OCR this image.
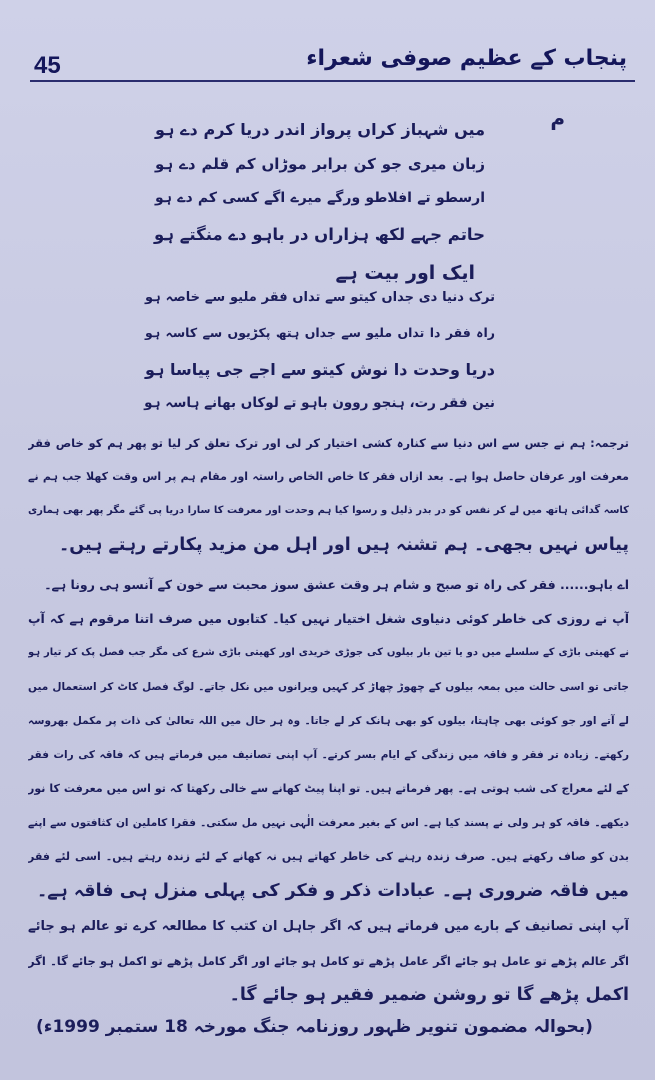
45	پنجاب کے عظیم صوفی شعراء
م
میں شہباز کراں پرواز اندر دریا کرم دے ہو
زبان میری جو کن برابر موڑاں کم قلم دے ہو
ارسطو تے افلاطو ورگے میرے اگے کسی کم دے ہو
حاتم جہے لکھ ہزاراں در باہو دے منگتے ہو
ایک اور بیت ہے
ترک دنیا دی جداں کیتو سے تداں فقر ملیو سے خاصہ ہو
راہ فقر دا تداں ملیو سے جداں ہتھ پکڑیوں سے کاسہ ہو
دریا وحدت دا نوش کیتو سے اجے جی پیاسا ہو
نین فقر رت، ہنجو روون باہو تے لوکاں بھانے ہاسہ ہو
ترجمہ: ہم نے جس سے اس دنیا سے کنارہ کشی اختیار کر لی اور ترک تعلق کر لیا تو پھر ہم کو خاص فقر
معرفت اور عرفان حاصل ہوا ہے۔ بعد ازاں فقر کا خاص الخاص راستہ اور مقام ہم پر اس وقت کھلا جب ہم نے
کاسہ گدائی ہاتھ میں لے کر نفس کو در بدر ذلیل و رسوا کیا ہم وحدت اور معرفت کا سارا دریا پی گئے مگر پھر بھی ہماری
پیاس نہیں بجھی۔ ہم تشنہ ہیں اور اہل من مزید پکارتے رہتے ہیں۔
اے باہو...... فقر کی راہ تو صبح و شام ہر وقت عشق سوز محبت سے خون کے آنسو ہی رونا ہے۔
آپ نے روزی کی خاطر کوئی دنیاوی شغل اختیار نہیں کیا۔ کتابوں میں صرف اتنا مرقوم ہے کہ آپ
نے کھیتی باڑی کے سلسلے میں دو یا تین بار بیلوں کی جوڑی خریدی اور کھیتی باڑی شرع کی مگر جب فصل پک کر تیار ہو
جاتی تو اسی حالت میں بمعہ بیلوں کے چھوڑ چھاڑ کر کہیں ویرانوں میں نکل جاتے۔ لوگ فصل کاٹ کر استعمال میں
لے آتے اور جو کوئی بھی چاہتا، بیلوں کو بھی ہانک کر لے جاتا۔ وہ ہر حال میں اللہ تعالیٰ کی ذات پر مکمل بھروسہ
رکھتے۔ زیادہ تر فقر و فاقہ میں زندگی کے ایام بسر کرتے۔ آپ اپنی تصانیف میں فرماتے ہیں کہ فاقہ کی رات فقر
کے لئے معراج کی شب ہوتی ہے۔ پھر فرماتے ہیں۔ تو اپنا پیٹ کھانے سے خالی رکھتا کہ تو اس میں معرفت کا نور
دیکھے۔ فاقہ کو ہر ولی نے پسند کیا ہے۔ اس کے بغیر معرفت الٰہی نہیں مل سکتی۔ فقرا کاملین ان کثافتوں سے اپنے
بدن کو صاف رکھتے ہیں۔ صرف زندہ رہنے کی خاطر کھاتے ہیں نہ کھانے کے لئے زندہ رہتے ہیں۔ اسی لئے فقر
میں فاقہ ضروری ہے۔ عبادات ذکر و فکر کی پہلی منزل ہی فاقہ ہے۔
آپ اپنی تصانیف کے بارے میں فرماتے ہیں کہ اگر جاہل ان کتب کا مطالعہ کرے تو عالم ہو جائے
اگر عالم پڑھے تو عامل ہو جائے اگر عامل پڑھے تو کامل ہو جائے اور اگر کامل پڑھے تو اکمل ہو جائے گا۔ اگر
اکمل پڑھے گا تو روشن ضمیر فقیر ہو جائے گا۔
(بحوالہ مضمون تنویر ظہور روزنامہ جنگ مورخہ 18 ستمبر 1999ء)
